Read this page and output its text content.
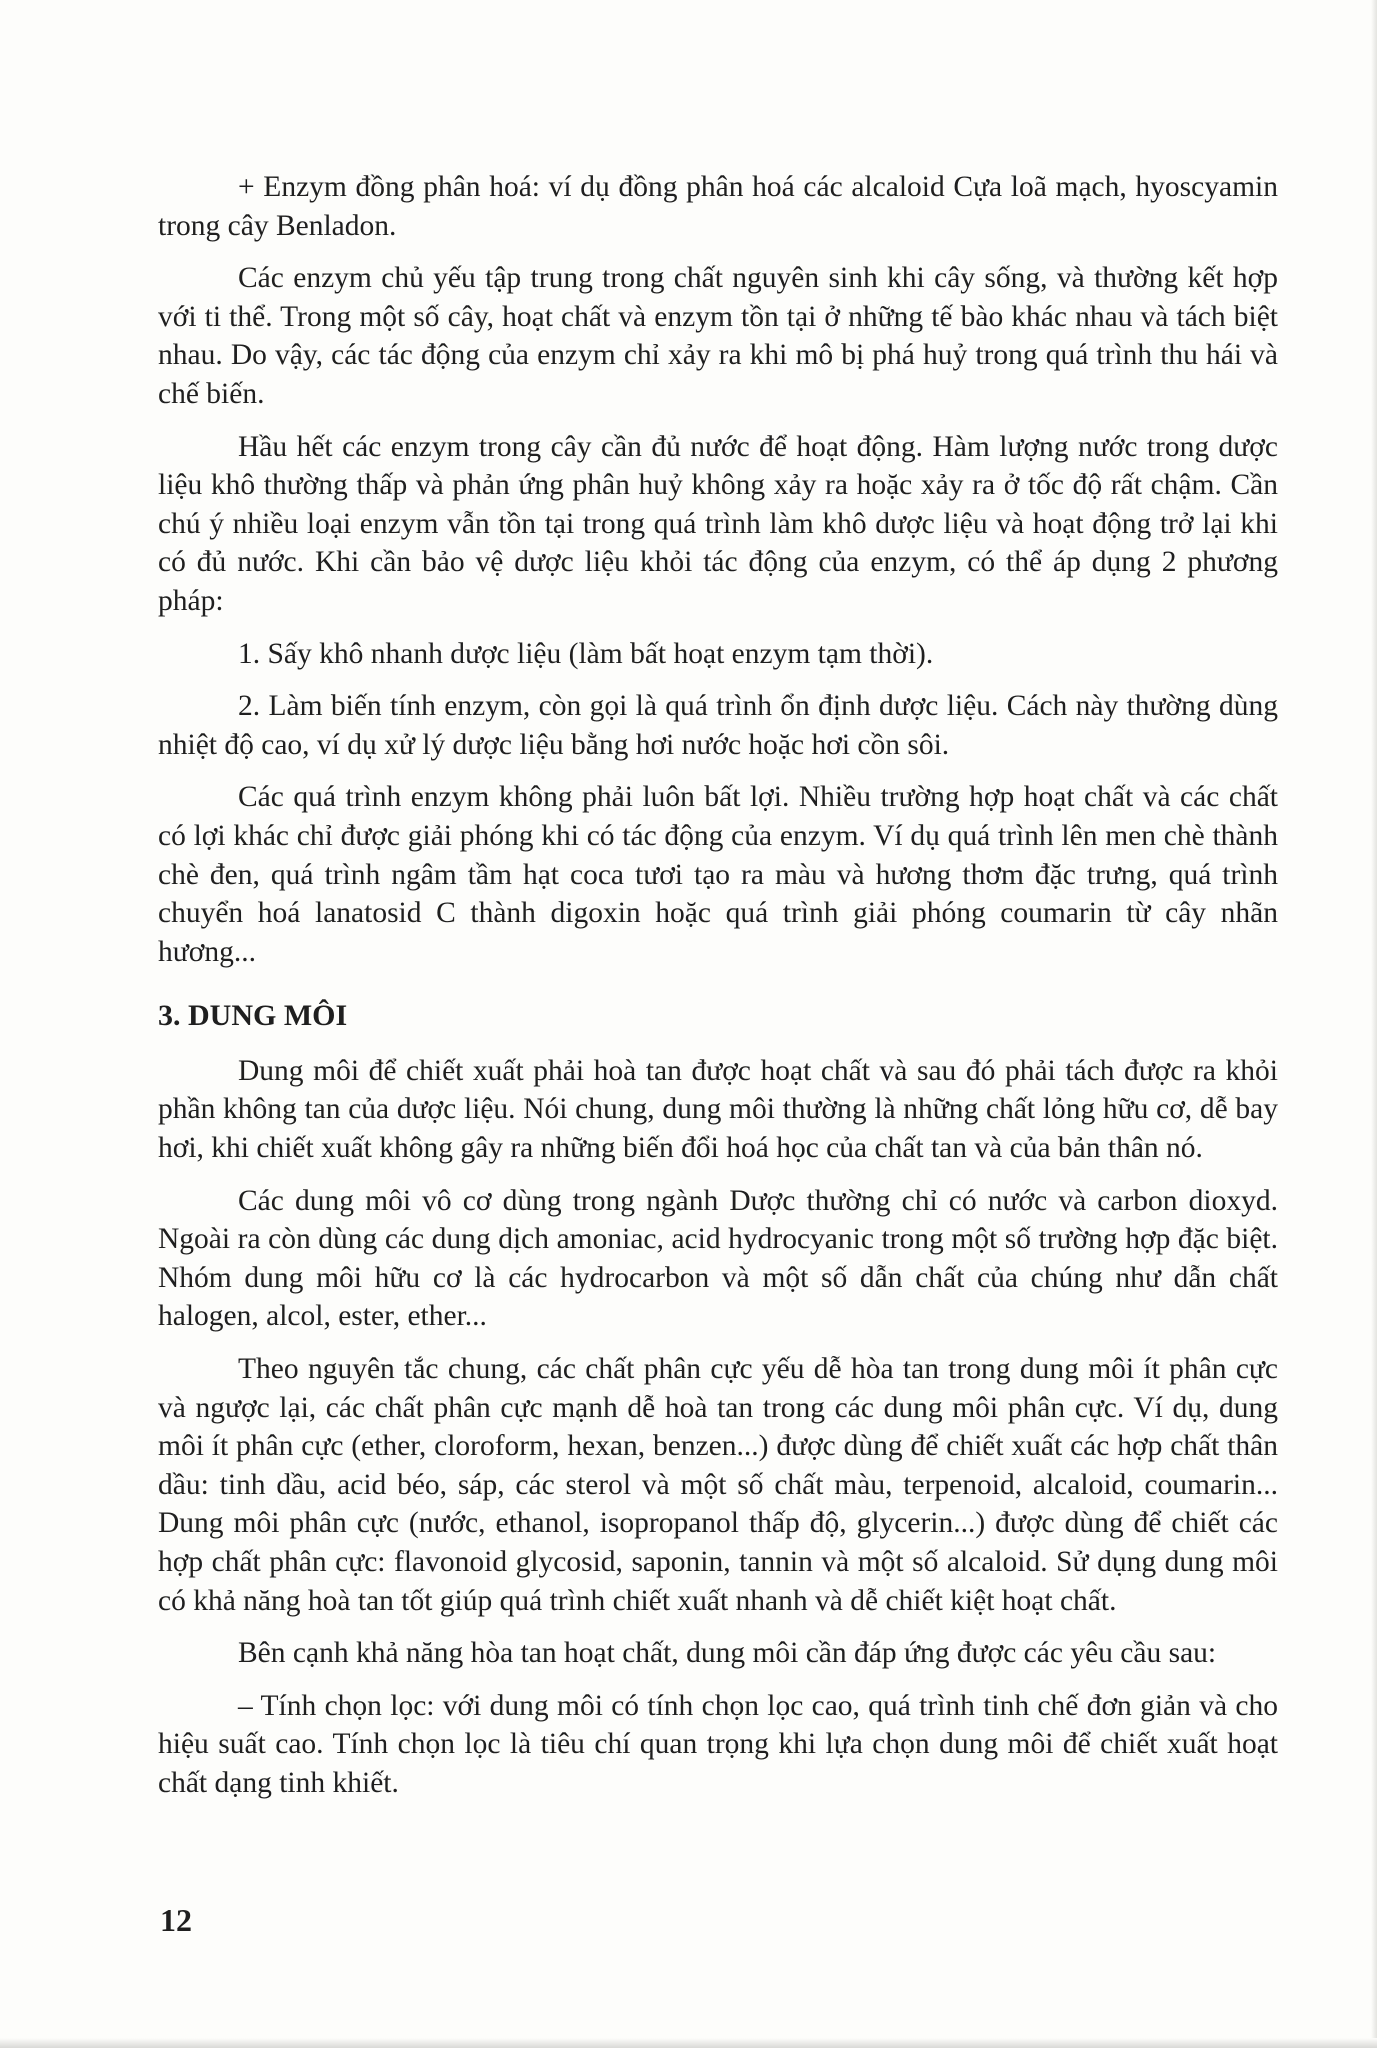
+ Enzym đồng phân hoá: ví dụ đồng phân hoá các alcaloid Cựa loã mạch, hyoscyamin trong cây Benladon.

Các enzym chủ yếu tập trung trong chất nguyên sinh khi cây sống, và thường kết hợp với ti thể. Trong một số cây, hoạt chất và enzym tồn tại ở những tế bào khác nhau và tách biệt nhau. Do vậy, các tác động của enzym chỉ xảy ra khi mô bị phá huỷ trong quá trình thu hái và chế biến.

Hầu hết các enzym trong cây cần đủ nước để hoạt động. Hàm lượng nước trong dược liệu khô thường thấp và phản ứng phân huỷ không xảy ra hoặc xảy ra ở tốc độ rất chậm. Cần chú ý nhiều loại enzym vẫn tồn tại trong quá trình làm khô dược liệu và hoạt động trở lại khi có đủ nước. Khi cần bảo vệ dược liệu khỏi tác động của enzym, có thể áp dụng 2 phương pháp:

1. Sấy khô nhanh dược liệu (làm bất hoạt enzym tạm thời).

2. Làm biến tính enzym, còn gọi là quá trình ổn định dược liệu. Cách này thường dùng nhiệt độ cao, ví dụ xử lý dược liệu bằng hơi nước hoặc hơi cồn sôi.

Các quá trình enzym không phải luôn bất lợi. Nhiều trường hợp hoạt chất và các chất có lợi khác chỉ được giải phóng khi có tác động của enzym. Ví dụ quá trình lên men chè thành chè đen, quá trình ngâm tầm hạt coca tươi tạo ra màu và hương thơm đặc trưng, quá trình chuyển hoá lanatosid C thành digoxin hoặc quá trình giải phóng coumarin từ cây nhãn hương...

3. DUNG MÔI

Dung môi để chiết xuất phải hoà tan được hoạt chất và sau đó phải tách được ra khỏi phần không tan của dược liệu. Nói chung, dung môi thường là những chất lỏng hữu cơ, dễ bay hơi, khi chiết xuất không gây ra những biến đổi hoá học của chất tan và của bản thân nó.

Các dung môi vô cơ dùng trong ngành Dược thường chỉ có nước và carbon dioxyd. Ngoài ra còn dùng các dung dịch amoniac, acid hydrocyanic trong một số trường hợp đặc biệt. Nhóm dung môi hữu cơ là các hydrocarbon và một số dẫn chất của chúng như dẫn chất halogen, alcol, ester, ether...

Theo nguyên tắc chung, các chất phân cực yếu dễ hòa tan trong dung môi ít phân cực và ngược lại, các chất phân cực mạnh dễ hoà tan trong các dung môi phân cực. Ví dụ, dung môi ít phân cực (ether, cloroform, hexan, benzen...) được dùng để chiết xuất các hợp chất thân dầu: tinh dầu, acid béo, sáp, các sterol và một số chất màu, terpenoid, alcaloid, coumarin... Dung môi phân cực (nước, ethanol, isopropanol thấp độ, glycerin...) được dùng để chiết các hợp chất phân cực: flavonoid glycosid, saponin, tannin và một số alcaloid. Sử dụng dung môi có khả năng hoà tan tốt giúp quá trình chiết xuất nhanh và dễ chiết kiệt hoạt chất.

Bên cạnh khả năng hòa tan hoạt chất, dung môi cần đáp ứng được các yêu cầu sau:

– Tính chọn lọc: với dung môi có tính chọn lọc cao, quá trình tinh chế đơn giản và cho hiệu suất cao. Tính chọn lọc là tiêu chí quan trọng khi lựa chọn dung môi để chiết xuất hoạt chất dạng tinh khiết.

12
